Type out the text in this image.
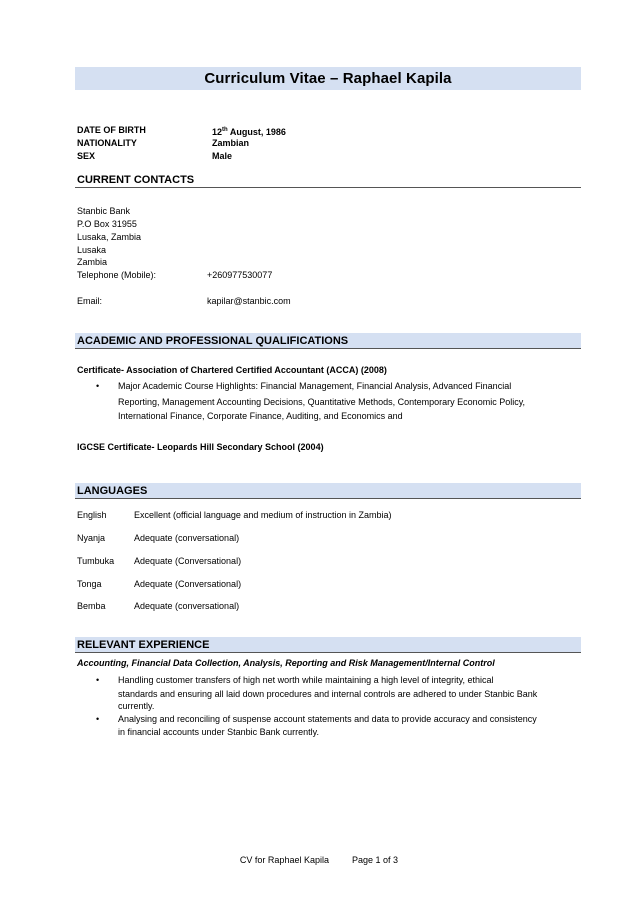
Curriculum Vitae – Raphael Kapila
DATE OF BIRTH	12th August, 1986
NATIONALITY	Zambian
SEX	Male
CURRENT CONTACTS
Stanbic Bank
P.O Box 31955
Lusaka, Zambia
Lusaka
Zambia
Telephone (Mobile):	+260977530077
Email:	kapilar@stanbic.com
ACADEMIC AND PROFESSIONAL QUALIFICATIONS
Certificate- Association of Chartered Certified Accountant (ACCA) (2008)
• Major Academic Course Highlights: Financial Management, Financial Analysis, Advanced Financial
Reporting, Management Accounting Decisions, Quantitative Methods, Contemporary Economic Policy,
International Finance, Corporate Finance, Auditing, and Economics and
IGCSE Certificate- Leopards Hill Secondary School (2004)
LANGUAGES
English	Excellent (official language and medium of instruction in Zambia)
Nyanja	Adequate (conversational)
Tumbuka Adequate (Conversational)
Tonga	Adequate (Conversational)
Bemba	Adequate (conversational)
RELEVANT EXPERIENCE
Accounting, Financial Data Collection, Analysis, Reporting and Risk Management/Internal Control
• Handling customer transfers of high net worth while maintaining a high level of integrity, ethical
standards and ensuring all laid down procedures and internal controls are adhered to under Stanbic Bank
currently.
• Analysing and reconciling of suspense account statements and data to provide accuracy and consistency
in financial accounts under Stanbic Bank currently.
CV for Raphael Kapila	Page 1 of 3
